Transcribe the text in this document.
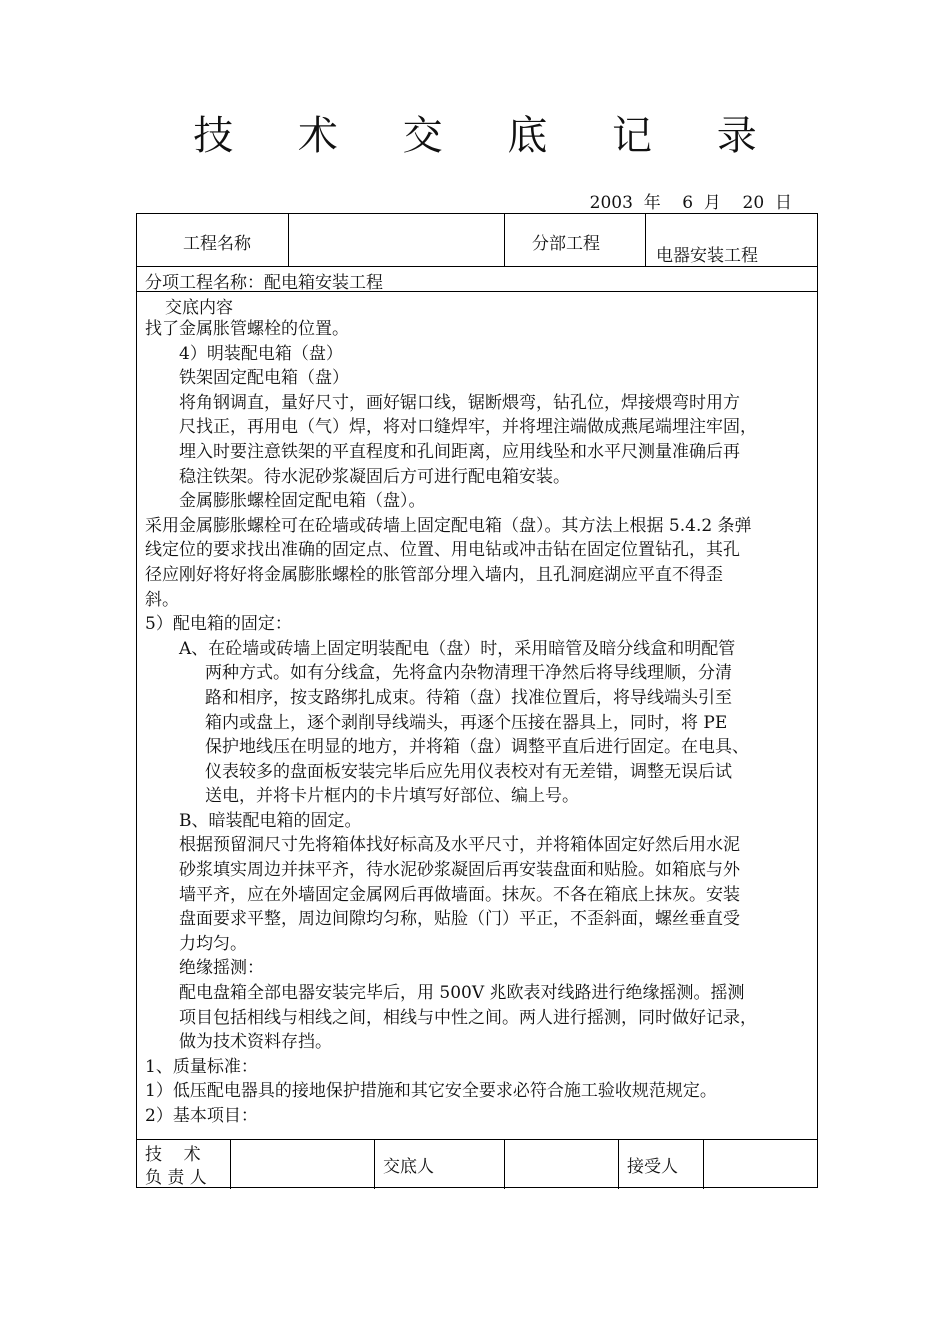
技 术 交 底 记 录
2003  年    6  月    20  日
工程名称	分部工程
电器安装工程
分项工程名称：配电箱安装工程
交底内容

找了金属胀管螺栓的位置。

4）明装配电箱（盘）

铁架固定配电箱（盘）

将角钢调直，量好尺寸，画好锯口线，锯断煨弯，钻孔位，焊接煨弯时用方

尺找正，再用电（气）焊，将对口缝焊牢，并将埋注端做成燕尾端埋注牢固，

埋入时要注意铁架的平直程度和孔间距离，应用线坠和水平尺测量准确后再

稳注铁架。待水泥砂浆凝固后方可进行配电箱安装。

金属膨胀螺栓固定配电箱（盘）。

采用金属膨胀螺栓可在砼墙或砖墙上固定配电箱（盘）。其方法上根据 5.4.2 条弹

线定位的要求找出准确的固定点、位置、用电钻或冲击钻在固定位置钻孔，其孔

径应刚好将好将金属膨胀螺栓的胀管部分埋入墙内，且孔洞庭湖应平直不得歪

斜。

5）配电箱的固定：

A、在砼墙或砖墙上固定明装配电（盘）时，采用暗管及暗分线盒和明配管

两种方式。如有分线盒，先将盒内杂物清理干净然后将导线理顺，分清

路和相序，按支路绑扎成束。待箱（盘）找准位置后，将导线端头引至

箱内或盘上，逐个剥削导线端头，再逐个压接在器具上，同时，将 PE

保护地线压在明显的地方，并将箱（盘）调整平直后进行固定。在电具、

仪表较多的盘面板安装完毕后应先用仪表校对有无差错，调整无误后试

送电，并将卡片框内的卡片填写好部位、编上号。

B、暗装配电箱的固定。

根据预留洞尺寸先将箱体找好标高及水平尺寸，并将箱体固定好然后用水泥

砂浆填实周边并抹平齐，待水泥砂浆凝固后再安装盘面和贴脸。如箱底与外

墙平齐，应在外墙固定金属网后再做墙面。抹灰。不各在箱底上抹灰。安装

盘面要求平整，周边间隙均匀称，贴脸（门）平正，不歪斜面，螺丝垂直受

力均匀。

绝缘摇测：

配电盘箱全部电器安装完毕后，用 500V 兆欧表对线路进行绝缘摇测。摇测

项目包括相线与相线之间，相线与中性之间。两人进行摇测，同时做好记录，

做为技术资料存挡。

1、质量标准：

1）低压配电器具的接地保护措施和其它安全要求必符合施工验收规范规定。

2）基本项目：

技    术
负 责 人
交底人	接受人
